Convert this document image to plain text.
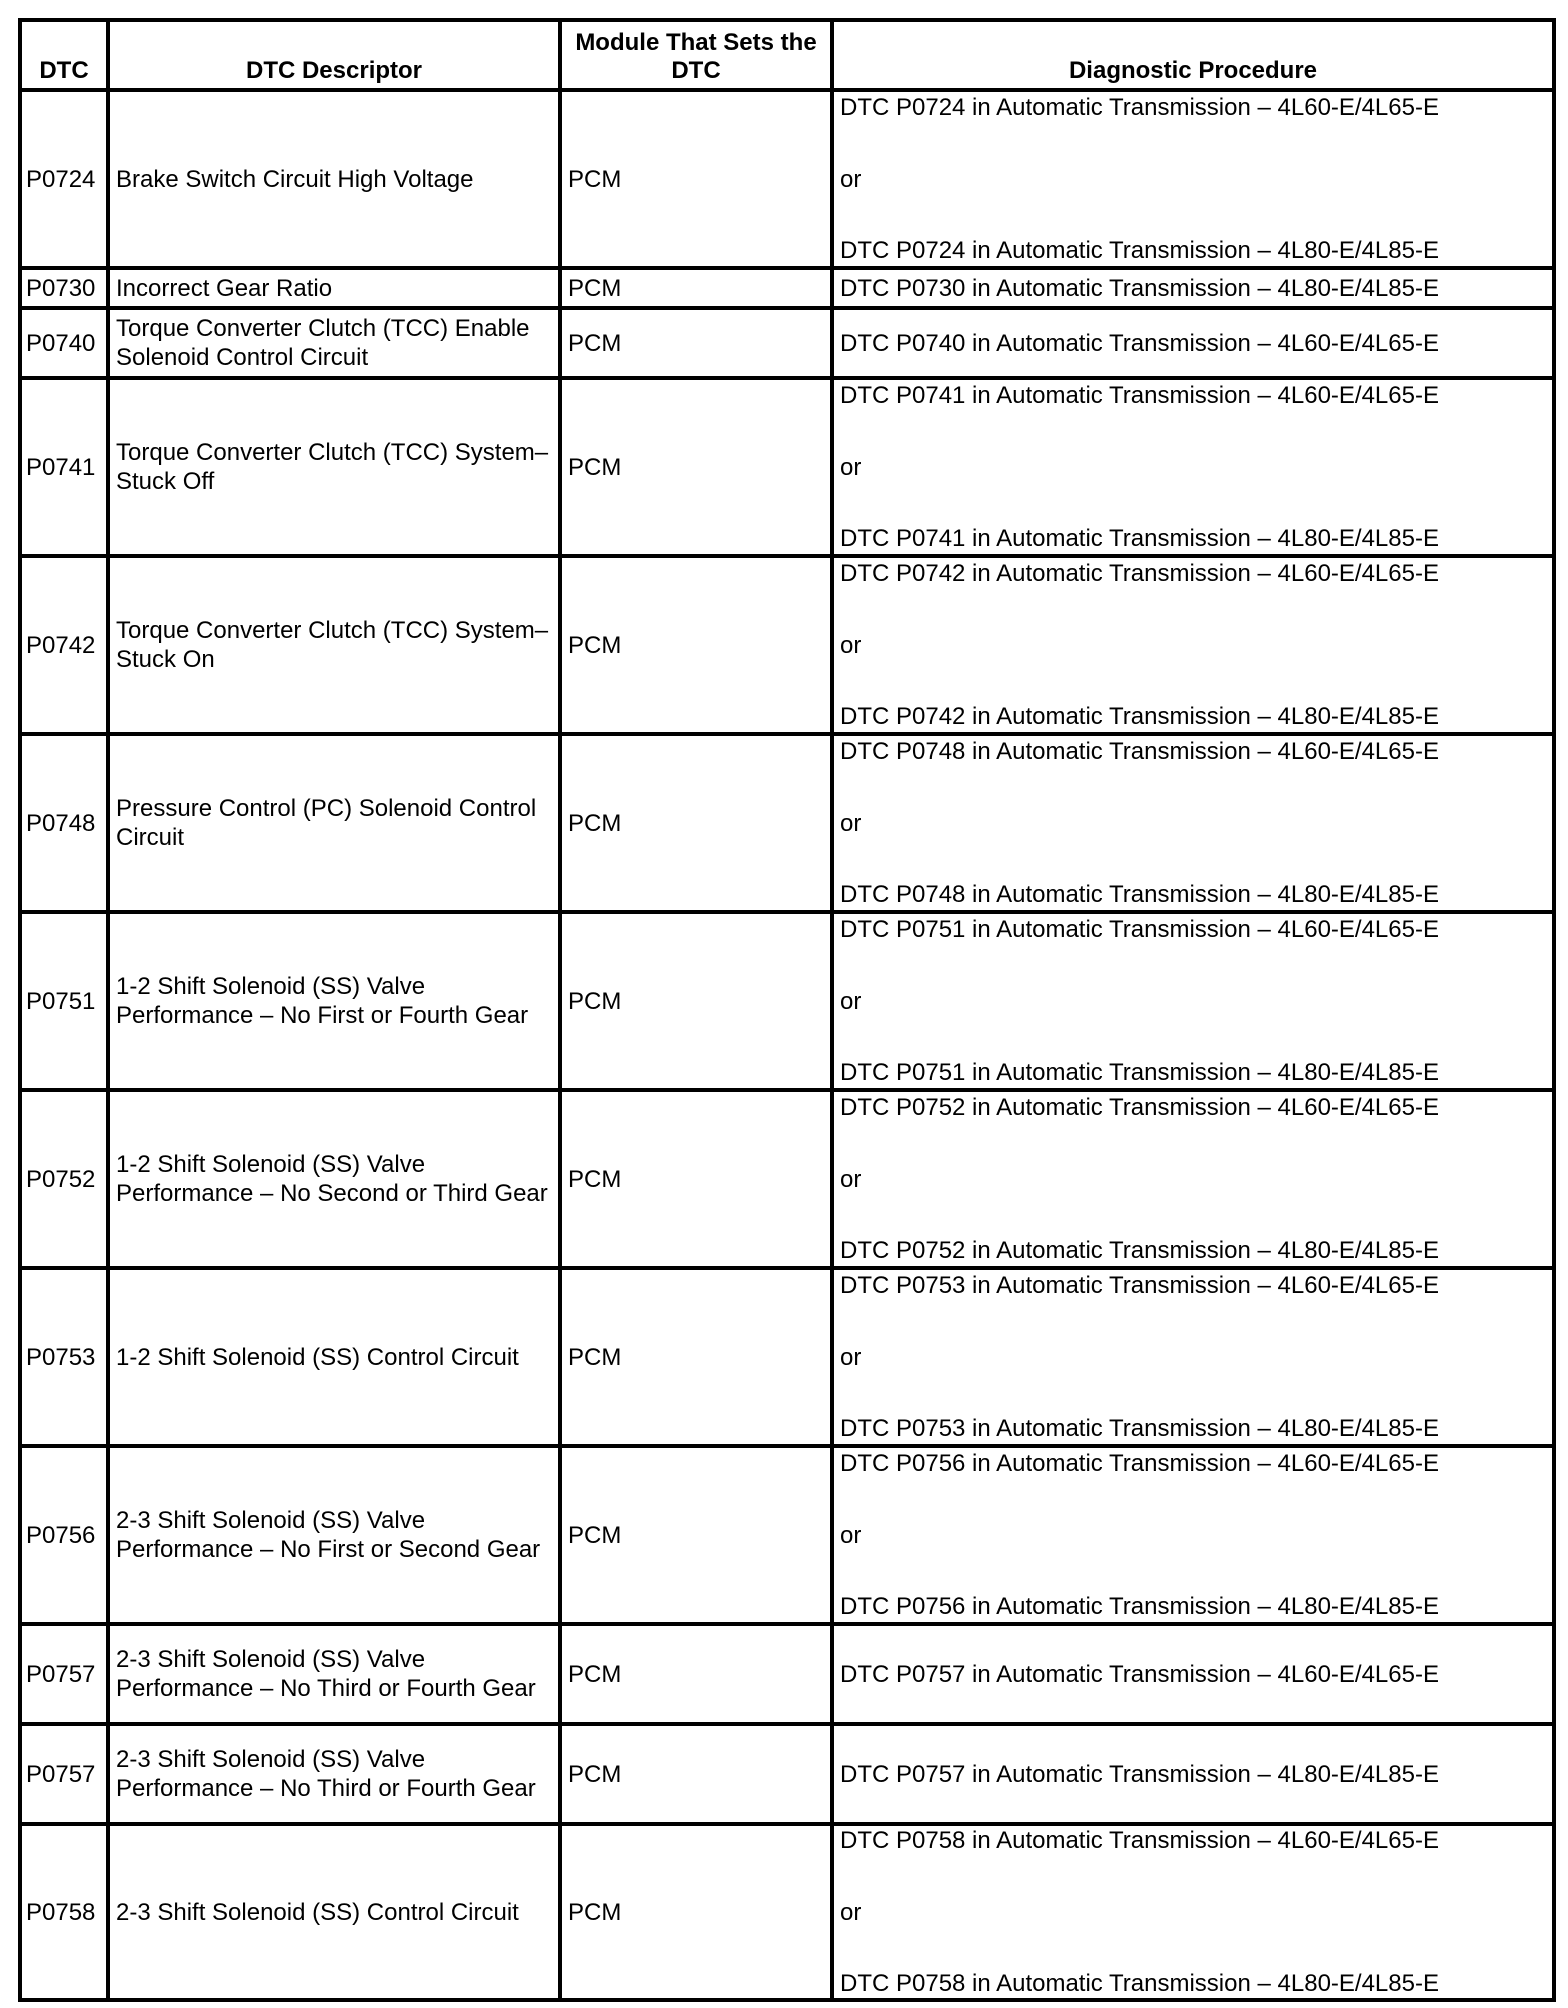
DTC	DTC Descriptor	Module That Sets the DTC	Diagnostic Procedure
P0724	Brake Switch Circuit High Voltage	PCM	DTC P0724 in Automatic Transmission – 4L60-E/4L65-E
or
DTC P0724 in Automatic Transmission – 4L80-E/4L85-E

P0730	Incorrect Gear Ratio	PCM	DTC P0730 in Automatic Transmission – 4L80-E/4L85-E
P0740	Torque Converter Clutch (TCC) Enable Solenoid Control Circuit	PCM	DTC P0740 in Automatic Transmission – 4L60-E/4L65-E
P0741	Torque Converter Clutch (TCC) System–Stuck Off	PCM	DTC P0741 in Automatic Transmission – 4L60-E/4L65-E
or
DTC P0741 in Automatic Transmission – 4L80-E/4L85-E

P0742	Torque Converter Clutch (TCC) System–Stuck On	PCM	DTC P0742 in Automatic Transmission – 4L60-E/4L65-E
or
DTC P0742 in Automatic Transmission – 4L80-E/4L85-E

P0748	Pressure Control (PC) Solenoid Control Circuit	PCM	DTC P0748 in Automatic Transmission – 4L60-E/4L65-E
or
DTC P0748 in Automatic Transmission – 4L80-E/4L85-E

P0751	1-2 Shift Solenoid (SS) Valve Performance – No First or Fourth Gear	PCM	DTC P0751 in Automatic Transmission – 4L60-E/4L65-E
or
DTC P0751 in Automatic Transmission – 4L80-E/4L85-E

P0752	1-2 Shift Solenoid (SS) Valve Performance – No Second or Third Gear	PCM	DTC P0752 in Automatic Transmission – 4L60-E/4L65-E
or
DTC P0752 in Automatic Transmission – 4L80-E/4L85-E

P0753	1-2 Shift Solenoid (SS) Control Circuit	PCM	DTC P0753 in Automatic Transmission – 4L60-E/4L65-E
or
DTC P0753 in Automatic Transmission – 4L80-E/4L85-E

P0756	2-3 Shift Solenoid (SS) Valve Performance – No First or Second Gear	PCM	DTC P0756 in Automatic Transmission – 4L60-E/4L65-E
or
DTC P0756 in Automatic Transmission – 4L80-E/4L85-E

P0757	2-3 Shift Solenoid (SS) Valve Performance – No Third or Fourth Gear	PCM	DTC P0757 in Automatic Transmission – 4L60-E/4L65-E
P0757	2-3 Shift Solenoid (SS) Valve Performance – No Third or Fourth Gear	PCM	DTC P0757 in Automatic Transmission – 4L80-E/4L85-E
P0758	2-3 Shift Solenoid (SS) Control Circuit	PCM	DTC P0758 in Automatic Transmission – 4L60-E/4L65-E
or
DTC P0758 in Automatic Transmission – 4L80-E/4L85-E
